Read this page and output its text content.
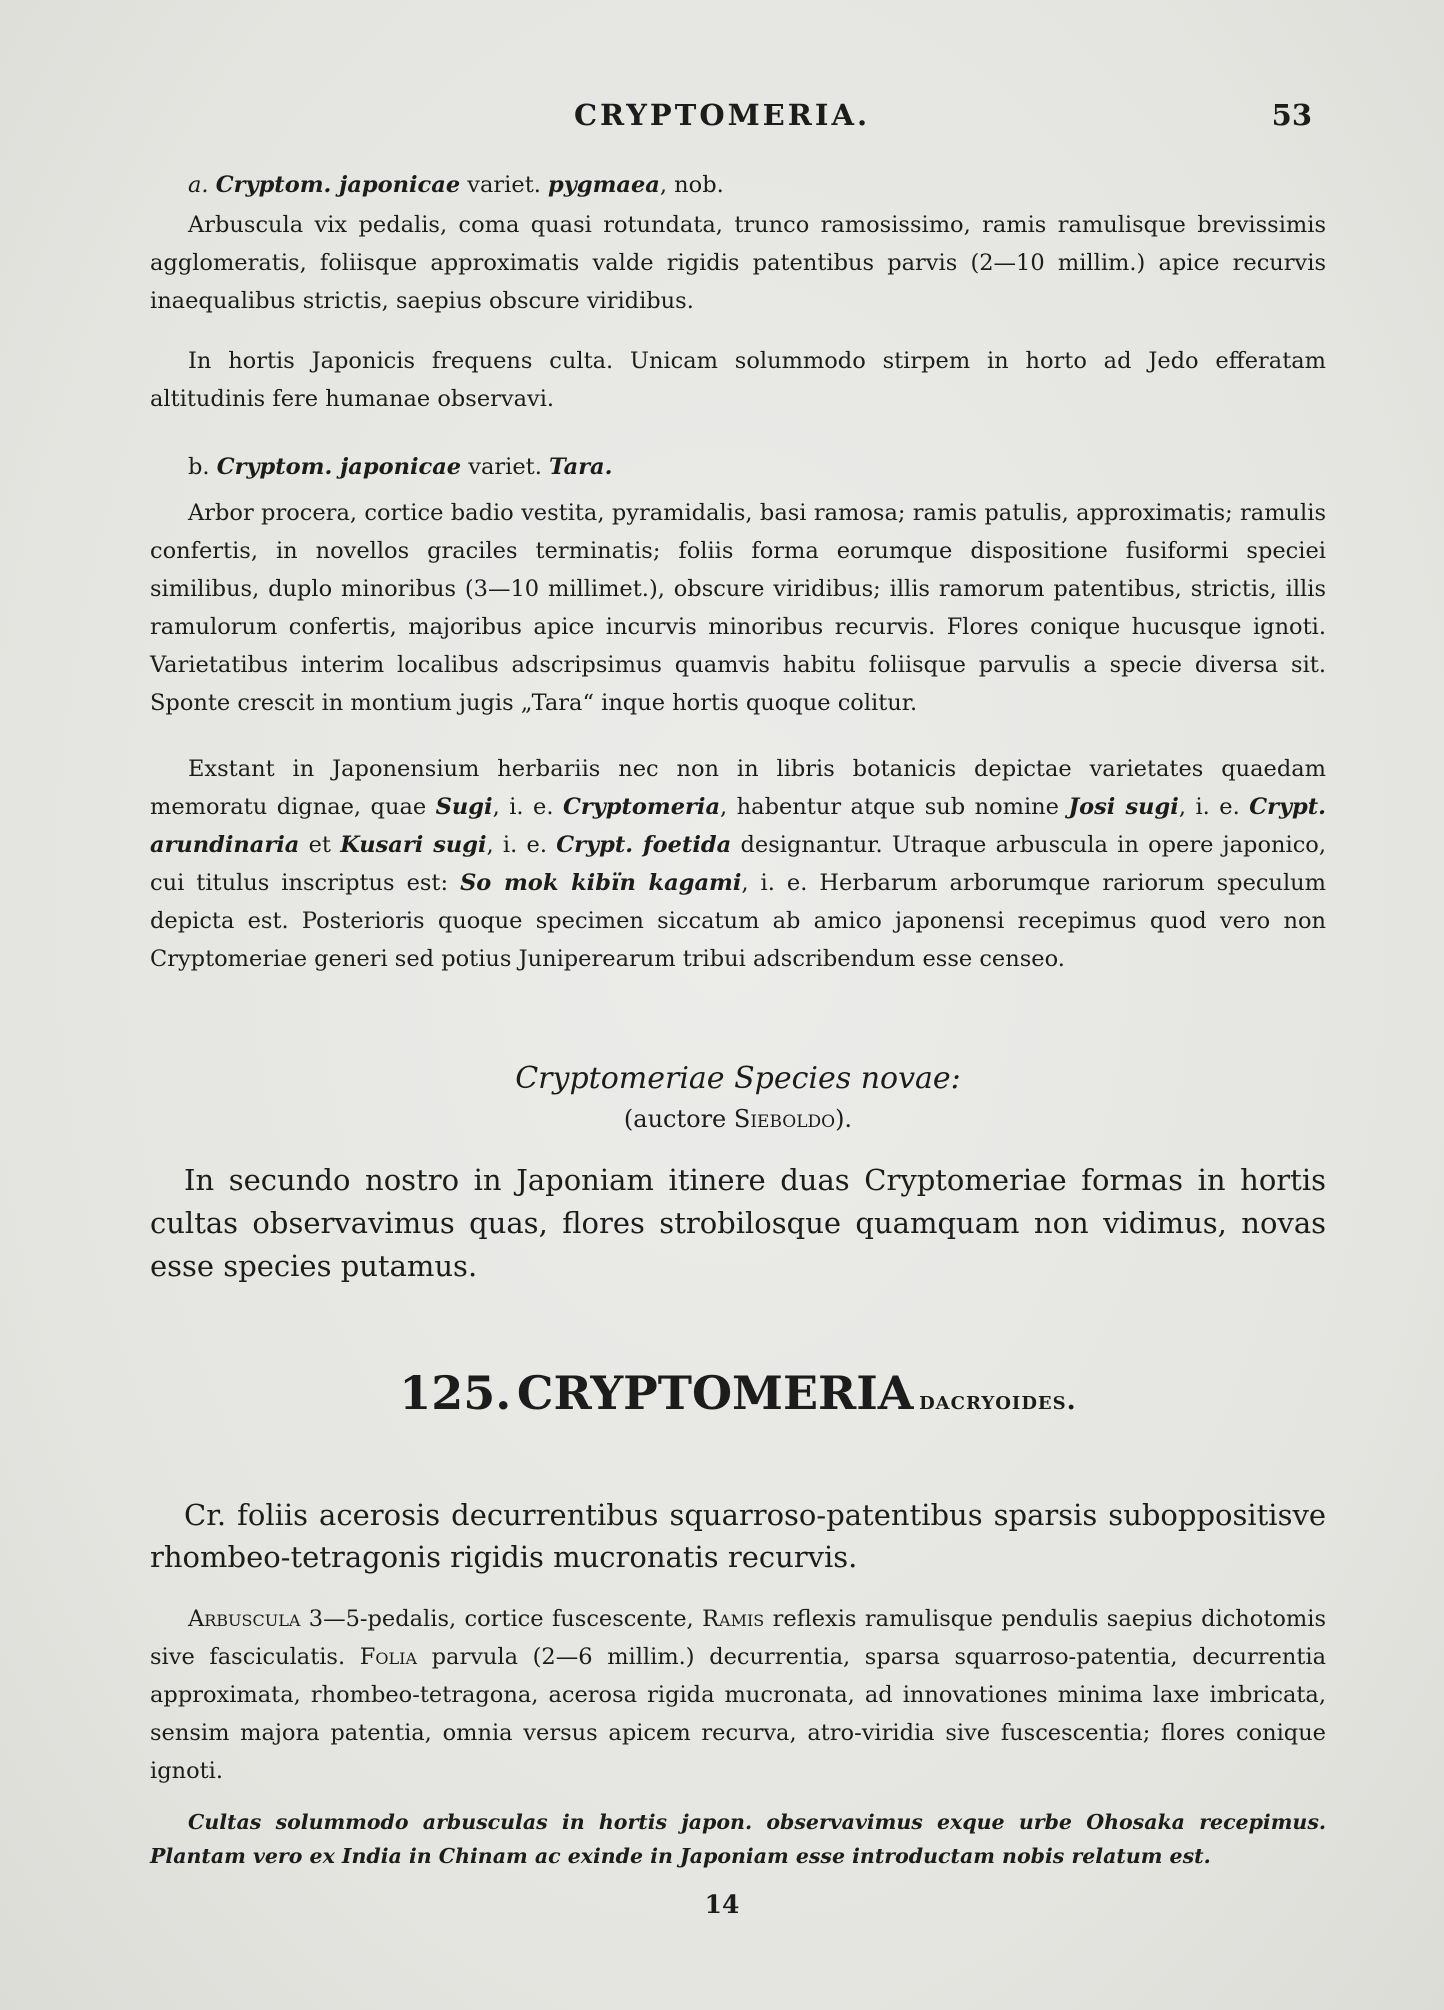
CRYPTOMERIA.	53

a. Cryptom. japonicae variet. pygmaea, nob.

Arbuscula vix pedalis, coma quasi rotundata, trunco ramosissimo, ramis ramulisque brevissimis agglomeratis, foliisque approximatis valde rigidis patentibus parvis (2—10 millim.) apice recurvis inaequalibus strictis, saepius obscure viridibus.

In hortis Japonicis frequens culta. Unicam solummodo stirpem in horto ad Jedo efferatam altitudinis fere humanae observavi.

b. Cryptom. japonicae variet. Tara.

Arbor procera, cortice badio vestita, pyramidalis, basi ramosa; ramis patulis, approximatis; ramulis confertis, in novellos graciles terminatis; foliis forma eorumque dispositione fusiformi speciei similibus, duplo minoribus (3—10 millimet.), obscure viridibus; illis ramorum patentibus, strictis, illis ramulorum confertis, majoribus apice incurvis minoribus recurvis. Flores conique hucusque ignoti. Varietatibus interim localibus adscripsimus quamvis habitu foliisque parvulis a specie diversa sit. Sponte crescit in montium jugis „Tara“ inque hortis quoque colitur.

Exstant in Japonensium herbariis nec non in libris botanicis depictae varietates quaedam memoratu dignae, quae Sugi, i. e. Cryptomeria, habentur atque sub nomine Josi sugi, i. e. Crypt. arundinaria et Kusari sugi, i. e. Crypt. foetida designantur. Utraque arbuscula in opere japonico, cui titulus inscriptus est: So mok kibïn kagami, i. e. Herbarum arborumque rariorum speculum depicta est. Posterioris quoque specimen siccatum ab amico japonensi recepimus quod vero non Cryptomeriae generi sed potius Juniperearum tribui adscribendum esse censeo.

Cryptomeriae Species novae:
(auctore Sieboldo).

In secundo nostro in Japoniam itinere duas Cryptomeriae formas in hortis cultas observavimus quas, flores strobilosque quamquam non vidimus, novas esse species putamus.

125. CRYPTOMERIA dacryoides.

Cr. foliis acerosis decurrentibus squarroso-patentibus sparsis suboppositisve rhombeo-tetragonis rigidis mucronatis recurvis.

Arbuscula 3—5-pedalis, cortice fuscescente, Ramis reflexis ramulisque pendulis saepius dichotomis sive fasciculatis. Folia parvula (2—6 millim.) decurrentia, sparsa squarroso-patentia, decurrentia approximata, rhombeo-tetragona, acerosa rigida mucronata, ad innovationes minima laxe imbricata, sensim majora patentia, omnia versus apicem recurva, atro-viridia sive fuscescentia; flores conique ignoti.

Cultas solummodo arbusculas in hortis japon. observavimus exque urbe Ohosaka recepimus. Plantam vero ex India in Chinam ac exinde in Japoniam esse introductam nobis relatum est.

14
